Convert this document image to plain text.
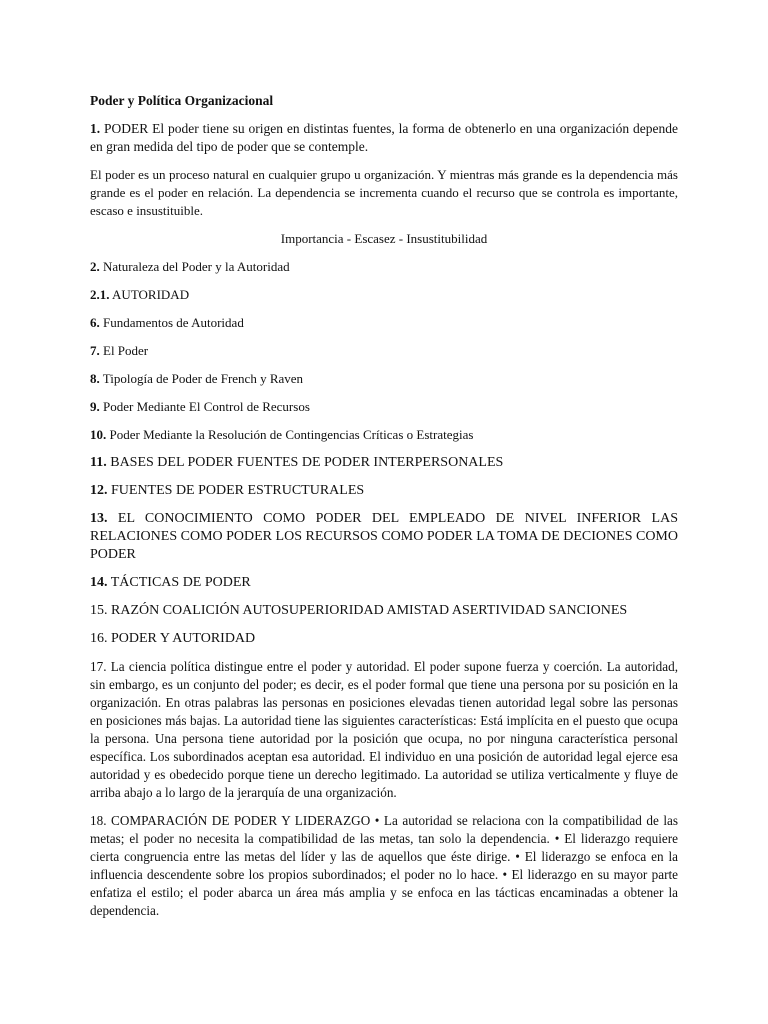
Poder y Política Organizacional

1. PODER El poder tiene su origen en distintas fuentes, la forma de obtenerlo en una organización depende en gran medida del tipo de poder que se contemple.

El poder es un proceso natural en cualquier grupo u organización. Y mientras más grande es la dependencia más grande es el poder en relación. La dependencia se incrementa cuando el recurso que se controla es importante, escaso e insustituible.

Importancia - Escasez - Insustitubilidad

2. Naturaleza del Poder y la Autoridad

2.1. AUTORIDAD

6. Fundamentos de Autoridad

7. El Poder

8. Tipología de Poder de French y Raven

9. Poder Mediante El Control de Recursos

10. Poder Mediante la Resolución de Contingencias Críticas o Estrategias

11. BASES DEL PODER FUENTES DE PODER INTERPERSONALES

12. FUENTES DE PODER ESTRUCTURALES

13. EL CONOCIMIENTO COMO PODER DEL EMPLEADO DE NIVEL INFERIOR LAS RELACIONES COMO PODER LOS RECURSOS COMO PODER LA TOMA DE DECIONES COMO PODER

14. TÁCTICAS DE PODER

15. RAZÓN COALICIÓN AUTOSUPERIORIDAD AMISTAD ASERTIVIDAD SANCIONES

16. PODER Y AUTORIDAD

17. La ciencia política distingue entre el poder y autoridad. El poder supone fuerza y coerción. La autoridad, sin embargo, es un conjunto del poder; es decir, es el poder formal que tiene una persona por su posición en la organización. En otras palabras las personas en posiciones elevadas tienen autoridad legal sobre las personas en posiciones más bajas. La autoridad tiene las siguientes características: Está implícita en el puesto que ocupa la persona. Una persona tiene autoridad por la posición que ocupa, no por ninguna característica personal específica. Los subordinados aceptan esa autoridad. El individuo en una posición de autoridad legal ejerce esa autoridad y es obedecido porque tiene un derecho legitimado. La autoridad se utiliza verticalmente y fluye de arriba abajo a lo largo de la jerarquía de una organización.

18. COMPARACIÓN DE PODER Y LIDERAZGO • La autoridad se relaciona con la compatibilidad de las metas; el poder no necesita la compatibilidad de las metas, tan solo la dependencia. • El liderazgo requiere cierta congruencia entre las metas del líder y las de aquellos que éste dirige. • El liderazgo se enfoca en la influencia descendente sobre los propios subordinados; el poder no lo hace. • El liderazgo en su mayor parte enfatiza el estilo; el poder abarca un área más amplia y se enfoca en las tácticas encaminadas a obtener la dependencia.
